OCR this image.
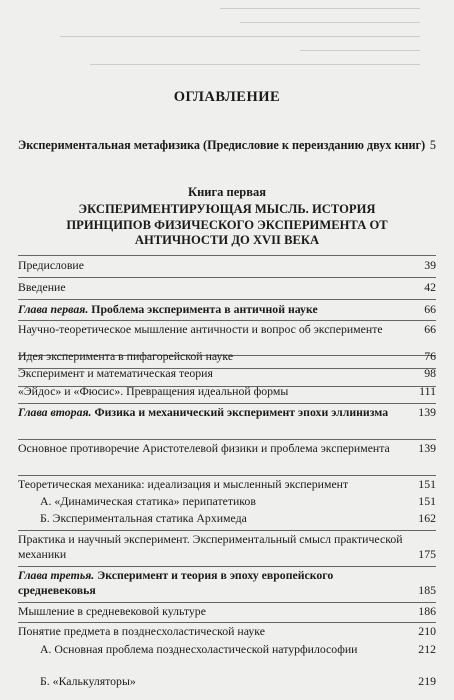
ОГЛАВЛЕНИЕ
Экспериментальная метафизика (Предисловие к переизданию двух книг) 5
Книга первая
ЭКСПЕРИМЕНТИРУЮЩАЯ МЫСЛЬ. ИСТОРИЯ ПРИНЦИПОВ ФИЗИЧЕСКОГО ЭКСПЕРИМЕНТА ОТ АНТИЧНОСТИ ДО XVII ВЕКА
Предисловие	39
Введение	42
Глава первая. Проблема эксперимента в античной науке	66
Научно-теоретическое мышление античности и вопрос об эксперименте	66
Идея эксперимента в пифагорейской науке	76
Эксперимент и математическая теория	98
«Эйдос» и «Фюсис». Превращения идеальной формы	111
Глава вторая. Физика и механический эксперимент эпохи эллинизма	139
Основное противоречие Аристотелевой физики и проблема эксперимента	139
Теоретическая механика: идеализация и мысленный эксперимент	151
А. «Динамическая статика» перипатетиков	151
Б. Экспериментальная статика Архимеда	162
Практика и научный эксперимент. Экспериментальный смысл практической механики	175
Глава третья. Эксперимент и теория в эпоху европейского средневековья	185
Мышление в средневековой культуре	186
Понятие предмета в позднесхоластической науке	210
А. Основная проблема позднесхоластической натурфилософии	212
Б. «Калькуляторы»	219
